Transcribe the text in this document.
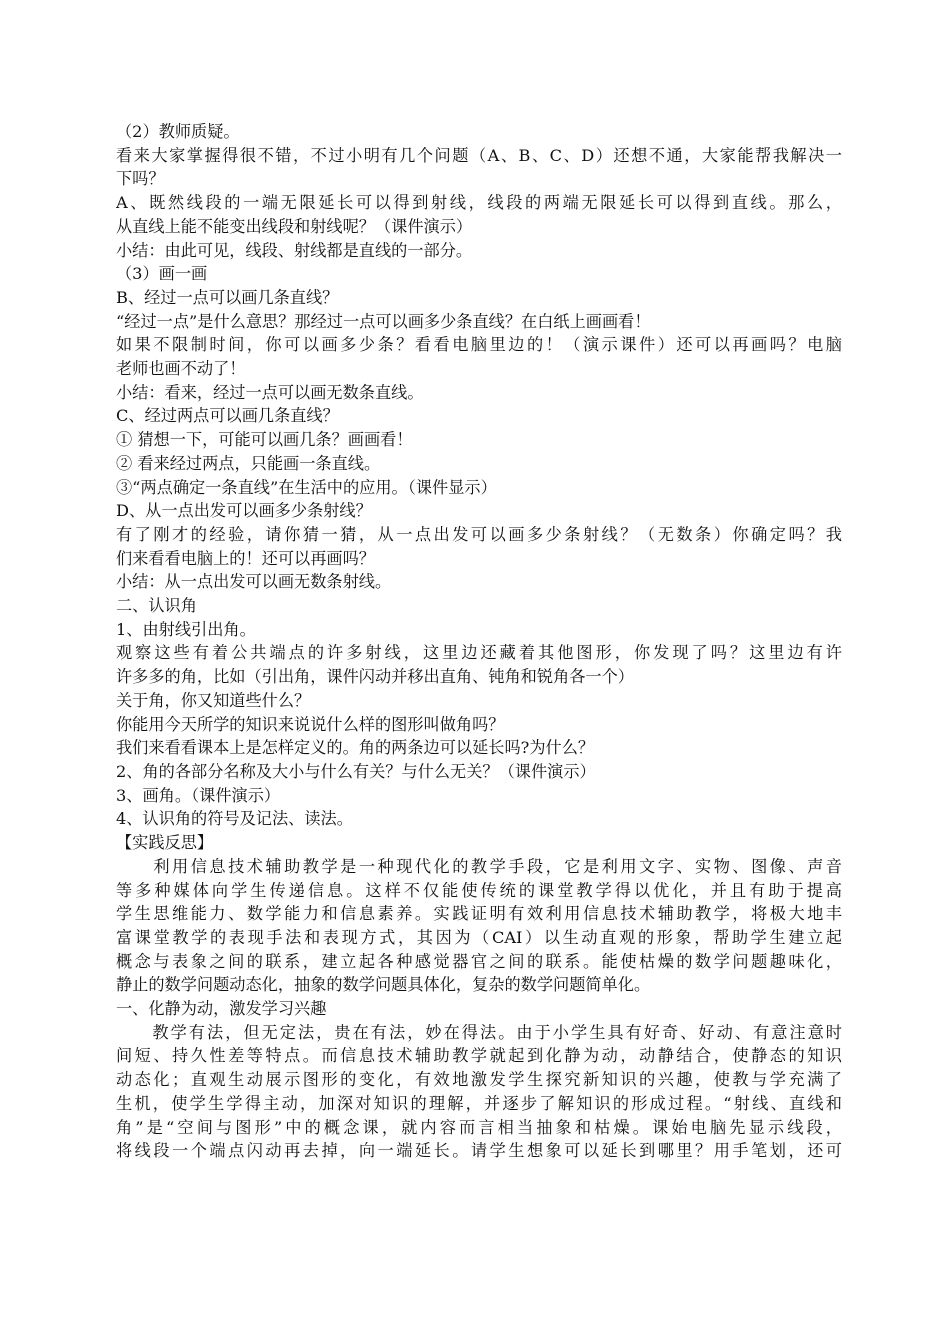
（2）教师质疑。
看来大家掌握得很不错，不过小明有几个问题（A、B、C、D）还想不通，大家能帮我解决一
下吗？
A、既然线段的一端无限延长可以得到射线，线段的两端无限延长可以得到直线。那么，
从直线上能不能变出线段和射线呢？（课件演示）
小结：由此可见，线段、射线都是直线的一部分。
（3）画一画
B、经过一点可以画几条直线？
“经过一点”是什么意思？那经过一点可以画多少条直线？在白纸上画画看！
如果不限制时间，你可以画多少条？看看电脑里边的！（演示课件）还可以再画吗？电脑
老师也画不动了！
小结：看来，经过一点可以画无数条直线。
C、经过两点可以画几条直线？
① 猜想一下，可能可以画几条？画画看！
② 看来经过两点，只能画一条直线。
③“两点确定一条直线”在生活中的应用。（课件显示）
D、从一点出发可以画多少条射线？
有了刚才的经验，请你猜一猜，从一点出发可以画多少条射线？（无数条）你确定吗？我
们来看看电脑上的！还可以再画吗？
小结：从一点出发可以画无数条射线。
二、认识角
1、由射线引出角。
观察这些有着公共端点的许多射线，这里边还藏着其他图形，你发现了吗？这里边有许
许多多的角，比如（引出角，课件闪动并移出直角、钝角和锐角各一个）
关于角，你又知道些什么？
你能用今天所学的知识来说说什么样的图形叫做角吗？
我们来看看课本上是怎样定义的。角的两条边可以延长吗?为什么？
2、角的各部分名称及大小与什么有关？与什么无关？（课件演示）
3、画角。（课件演示）
4、认识角的符号及记法、读法。
【实践反思】
　　利用信息技术辅助教学是一种现代化的教学手段，它是利用文字、实物、图像、声音
等多种媒体向学生传递信息。这样不仅能使传统的课堂教学得以优化，并且有助于提高
学生思维能力、数学能力和信息素养。实践证明有效利用信息技术辅助教学，将极大地丰
富课堂教学的表现手法和表现方式，其因为（CAI）以生动直观的形象，帮助学生建立起
概念与表象之间的联系，建立起各种感觉器官之间的联系。能使枯燥的数学问题趣味化，
静止的数学问题动态化，抽象的数学问题具体化，复杂的数学问题简单化。
一、化静为动，激发学习兴趣
　　教学有法，但无定法，贵在有法，妙在得法。由于小学生具有好奇、好动、有意注意时
间短、持久性差等特点。而信息技术辅助教学就起到化静为动，动静结合，使静态的知识
动态化；直观生动展示图形的变化，有效地激发学生探究新知识的兴趣，使教与学充满了
生机，使学生学得主动，加深对知识的理解，并逐步了解知识的形成过程。“射线、直线和
角”是“空间与图形”中的概念课，就内容而言相当抽象和枯燥。课始电脑先显示线段，
将线段一个端点闪动再去掉，向一端延长。请学生想象可以延长到哪里？用手笔划，还可
